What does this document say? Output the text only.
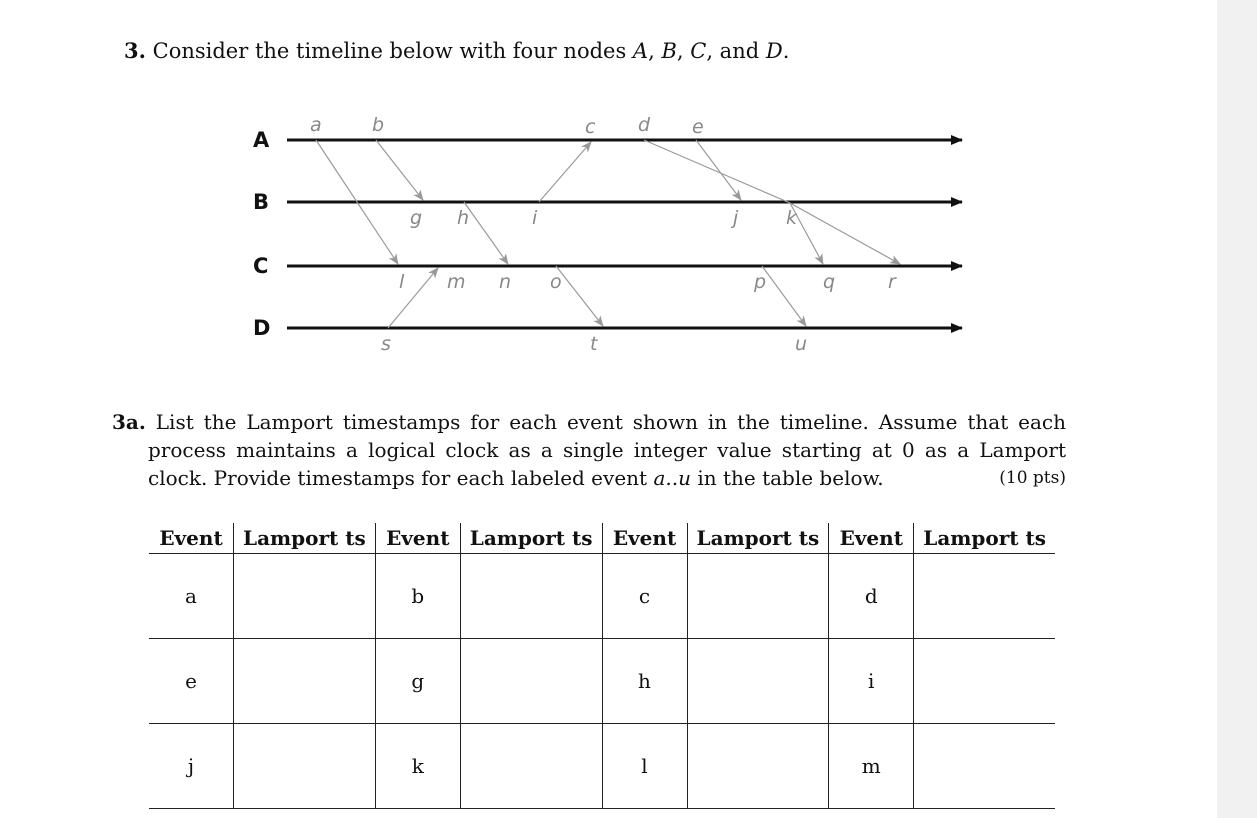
3. Consider the timeline below with four nodes A, B, C, and D.
A
B
C
D
a	b	c d e
g h	i	j	k
l m n o	p	q	r
s	t	u
3a. List the Lamport timestamps for each event shown in the timeline. Assume that each process maintains a logical clock as a single integer value starting at 0 as a Lamport clock. Provide timestamps for each labeled event a..u in the table below.	(10 pts)
Event	Lamport ts	Event	Lamport ts	Event	Lamport ts	Event	Lamport ts
a		b		c		d	
e		g		h		i	
j		k		l		m	
